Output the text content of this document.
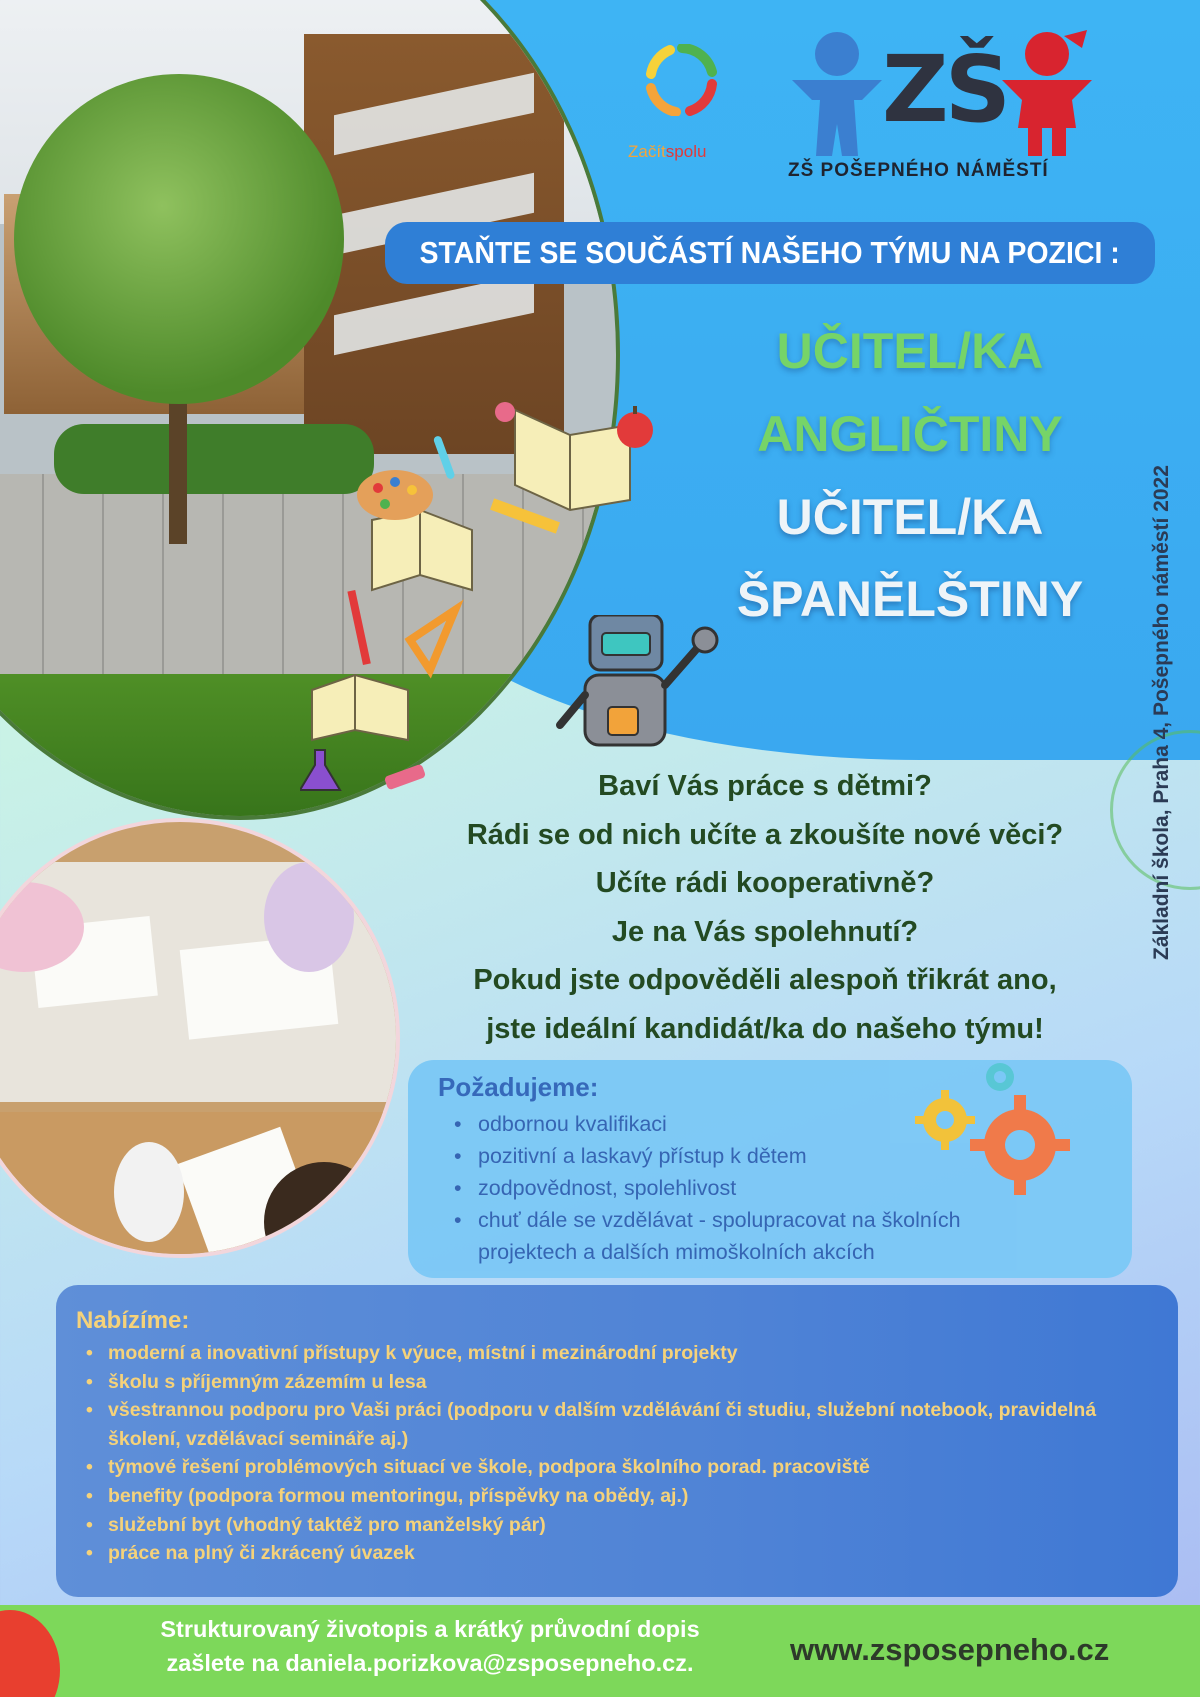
Začítspolu
ZŠ
ZŠ POŠEPNÉHO NÁMĚSTÍ
STAŇTE SE SOUČÁSTÍ NAŠEHO TÝMU NA POZICI :
UČITEL/KA
ANGLIČTINY
UČITEL/KA
ŠPANĚLŠTINY	Základní škola, Praha 4, Pošepného náměstí 2022

Baví Vás práce s dětmi?

Rádi se od nich učíte a zkoušíte nové věci?

Učíte rádi kooperativně?

Je na Vás spolehnutí?

Pokud jste odpověděli alespoň třikrát ano,

jste ideální kandidát/ka do našeho týmu!

Požadujeme:
• odbornou kvalifikaci
• pozitivní a laskavý přístup k dětem
• zodpovědnost, spolehlivost
• chuť dále se vzdělávat - spolupracovat na školních projektech a dalších mimoškolních akcích
Nabízíme:
• moderní a inovativní přístupy k výuce, místní i mezinárodní projekty
• školu s příjemným zázemím u lesa
• všestrannou podporu pro Vaši práci (podporu v dalším vzdělávání či studiu, služební notebook, pravidelná školení, vzdělávací semináře aj.)
• týmové řešení problémových situací ve škole, podpora školního porad. pracoviště
• benefity (podpora formou mentoringu, příspěvky na obědy, aj.)
• služební byt (vhodný taktéž pro manželský pár)
• práce na plný či zkrácený úvazek
Strukturovaný životopis a krátký průvodní dopis
zašlete na daniela.porizkova@zsposepneho.cz.	www.zsposepneho.cz
